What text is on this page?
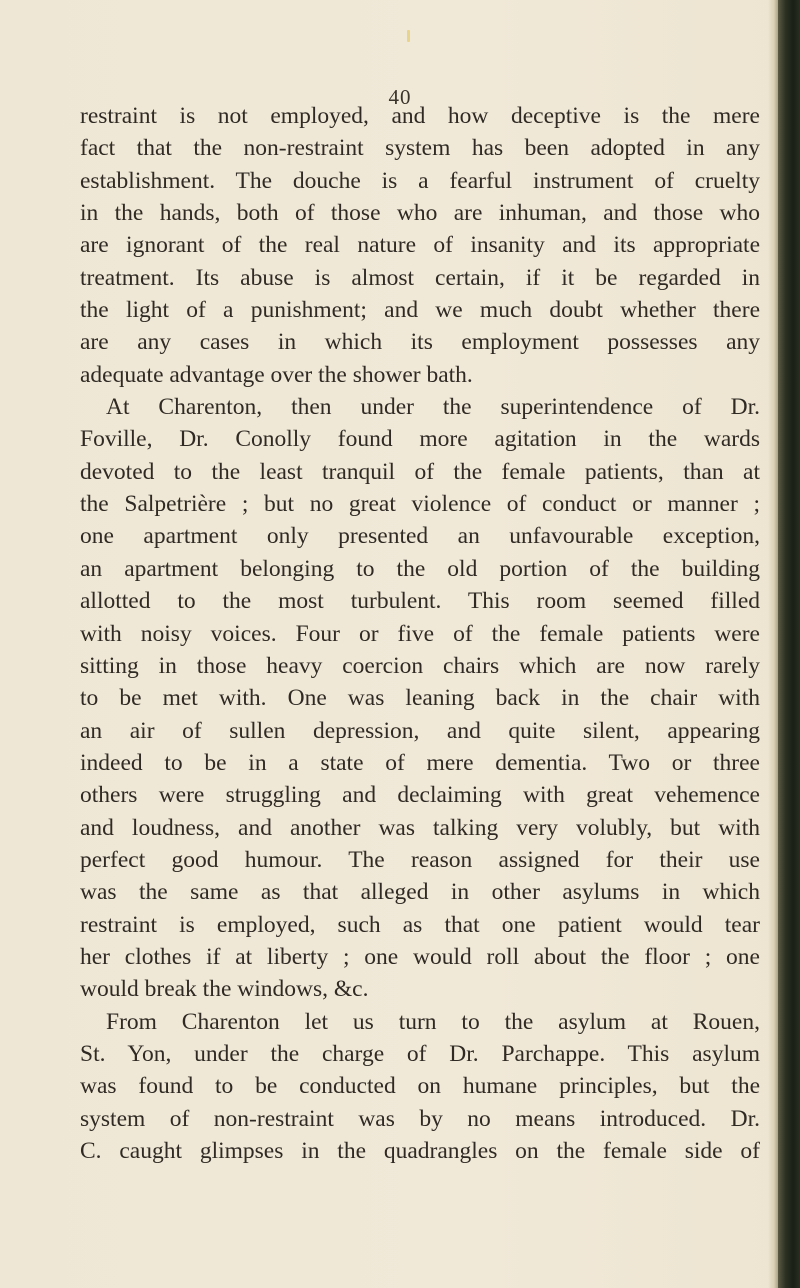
40
restraint is not employed, and how deceptive is the mere
fact that the non-restraint system has been adopted in any
establishment. The douche is a fearful instrument of cruelty
in the hands, both of those who are inhuman, and those who
are ignorant of the real nature of insanity and its appropriate
treatment. Its abuse is almost certain, if it be regarded in
the light of a punishment; and we much doubt whether there
are any cases in which its employment possesses any
adequate advantage over the shower bath.
At Charenton, then under the superintendence of Dr.
Foville, Dr. Conolly found more agitation in the wards
devoted to the least tranquil of the female patients, than at
the Salpetrière ; but no great violence of conduct or manner ;
one apartment only presented an unfavourable exception,
an apartment belonging to the old portion of the building
allotted to the most turbulent. This room seemed filled
with noisy voices. Four or five of the female patients were
sitting in those heavy coercion chairs which are now rarely
to be met with. One was leaning back in the chair with
an air of sullen depression, and quite silent, appearing
indeed to be in a state of mere dementia. Two or three
others were struggling and declaiming with great vehemence
and loudness, and another was talking very volubly, but with
perfect good humour. The reason assigned for their use
was the same as that alleged in other asylums in which
restraint is employed, such as that one patient would tear
her clothes if at liberty ; one would roll about the floor ; one
would break the windows, &c.
From Charenton let us turn to the asylum at Rouen,
St. Yon, under the charge of Dr. Parchappe. This asylum
was found to be conducted on humane principles, but the
system of non-restraint was by no means introduced. Dr.
C. caught glimpses in the quadrangles on the female side of
